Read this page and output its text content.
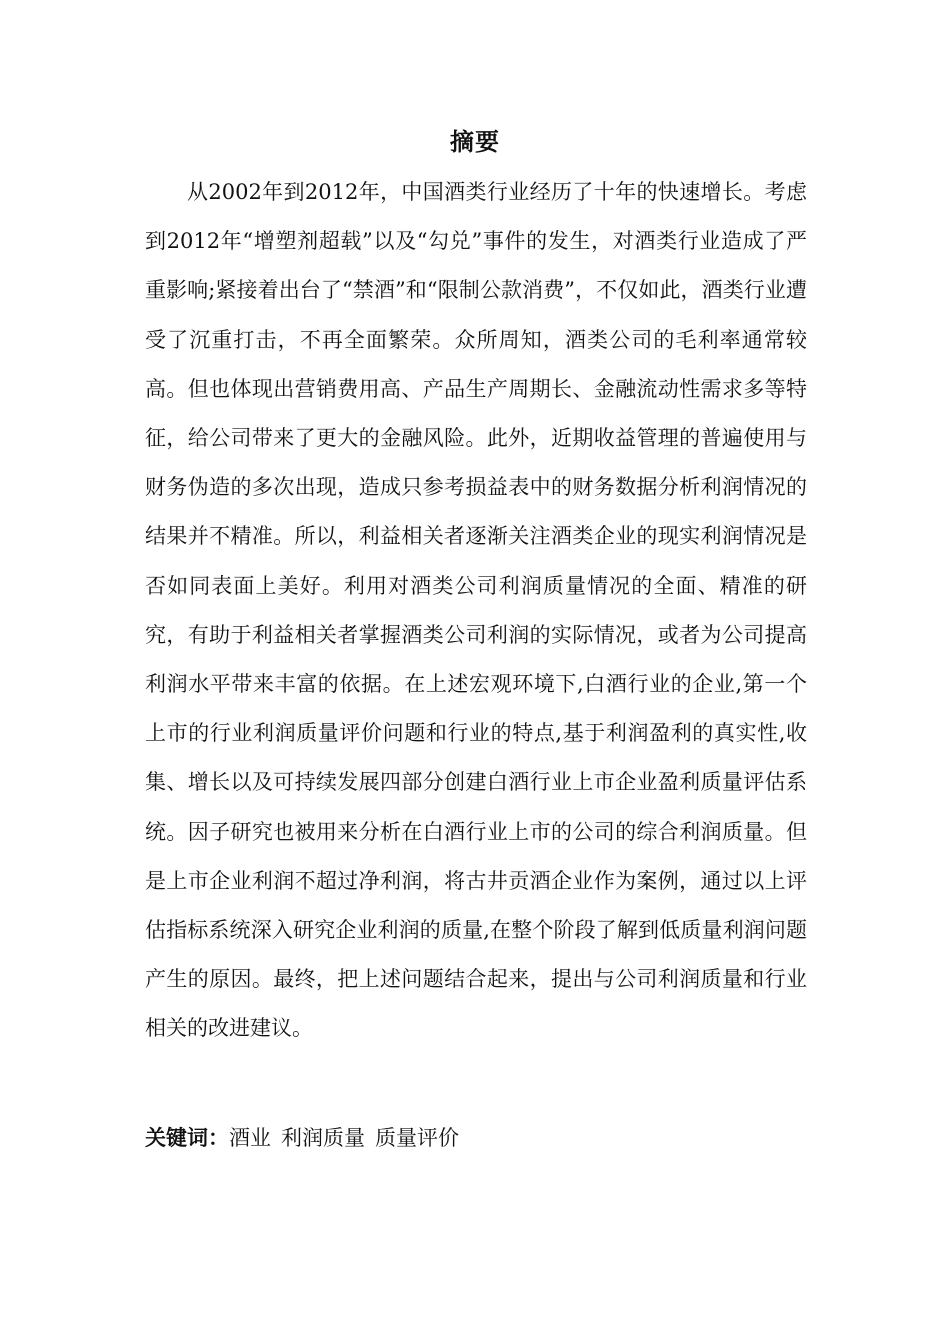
摘要

从2002年到2012年，中国酒类行业经历了十年的快速增长。考虑到2012年“增塑剂超载”以及“勾兑”事件的发生，对酒类行业造成了严重影响;紧接着出台了“禁酒”和“限制公款消费”，不仅如此，酒类行业遭受了沉重打击，不再全面繁荣。众所周知，酒类公司的毛利率通常较高。但也体现出营销费用高、产品生产周期长、金融流动性需求多等特征，给公司带来了更大的金融风险。此外，近期收益管理的普遍使用与财务伪造的多次出现，造成只参考损益表中的财务数据分析利润情况的结果并不精准。所以，利益相关者逐渐关注酒类企业的现实利润情况是否如同表面上美好。利用对酒类公司利润质量情况的全面、精准的研究，有助于利益相关者掌握酒类公司利润的实际情况，或者为公司提高利润水平带来丰富的依据。在上述宏观环境下,白酒行业的企业,第一个上市的行业利润质量评价问题和行业的特点,基于利润盈利的真实性,收集、增长以及可持续发展四部分创建白酒行业上市企业盈利质量评估系统。因子研究也被用来分析在白酒行业上市的公司的综合利润质量。但是上市企业利润不超过净利润，将古井贡酒企业作为案例，通过以上评估指标系统深入研究企业利润的质量,在整个阶段了解到低质量利润问题产生的原因。最终，把上述问题结合起来，提出与公司利润质量和行业相关的改进建议。

关键词：酒业 利润质量 质量评价
